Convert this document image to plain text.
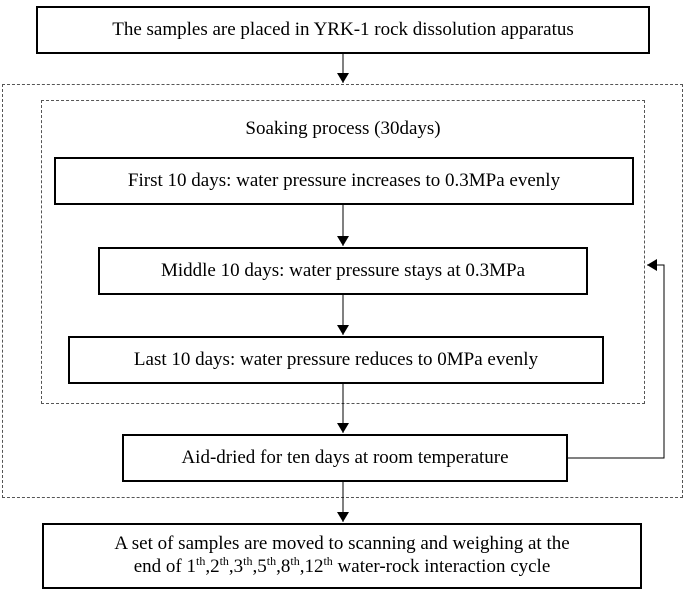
Soaking process (30days)
The samples are placed in YRK-1 rock dissolution apparatus
First 10 days: water pressure increases to 0.3MPa evenly
Middle 10 days: water pressure stays at 0.3MPa
Last 10 days: water pressure reduces to 0MPa evenly
Aid-dried for ten days at room temperature
A set of samples are moved to scanning and weighing at the
end of 1th,2th,3th,5th,8th,12th water-rock interaction cycle
